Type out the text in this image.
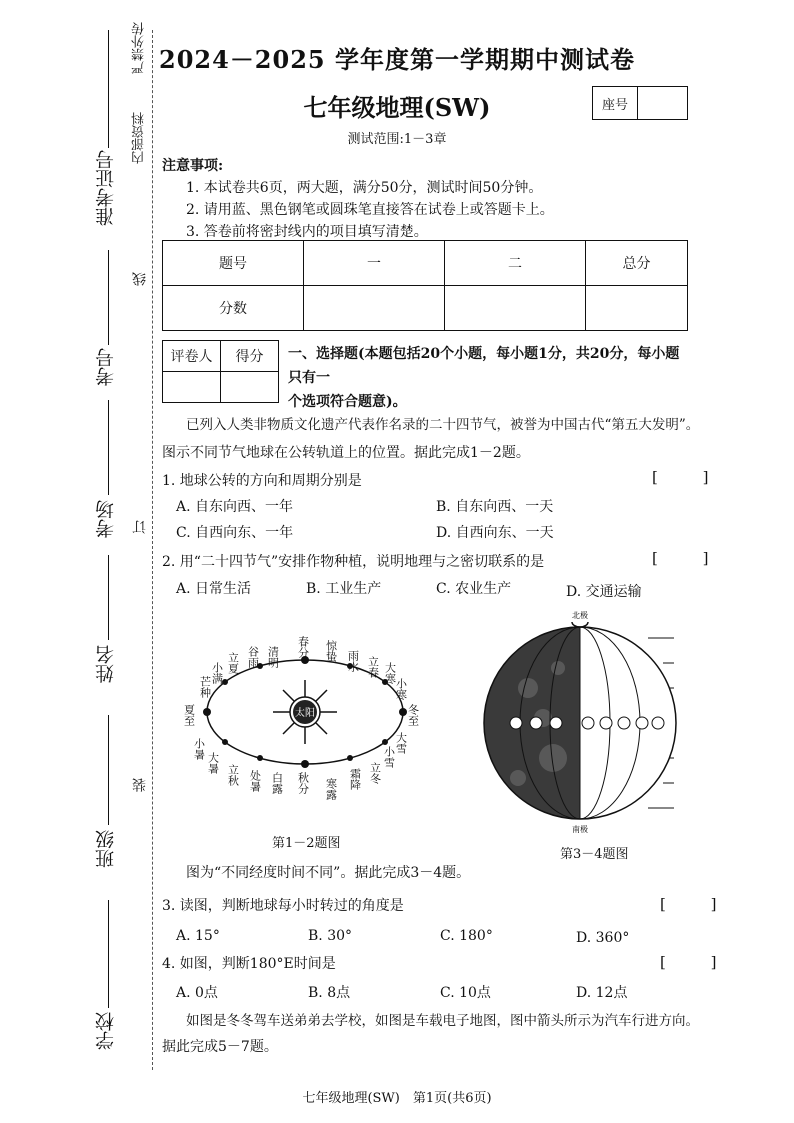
准考证号
内部资料
严禁外传
线
考号
考场 订
姓名
装
班级
学校
2024－2025 学年度第一学期期中测试卷
七年级地理(SW)
测试范围:1－3章
座号
注意事项:
1. 本试卷共6页，两大题，满分50分，测试时间50分钟。
2. 请用蓝、黑色钢笔或圆珠笔直接答在试卷上或答题卡上。
3. 答卷前将密封线内的项目填写清楚。
题号	一	二	总分
分数			
评卷人	得分
	一、选择题(本题包括20个小题，每小题1分，共20分，每小题只有一
个选项符合题意)。
已列入人类非物质文化遗产代表作名录的二十四节气，被誉为中国古代“第五大发明”。
图示不同节气地球在公转轨道上的位置。据此完成1－2题。
1. 地球公转的方向和周期分别是	[ ]
A. 自东向西、一年	B. 自东向西、一天
C. 自西向东、一年	D. 自西向东、一天
2. 用“二十四节气”安排作物种植，说明地理与之密切联系的是	[ ]
A. 日常生活	B. 工业生产	C. 农业生产	D. 交通运输
太阳
清明 春分 惊蛰 雨水 立春 大寒
小寒
冬至
大雪
小雪
立冬
霜降
寒露
秋分
白露
处暑
立秋
大暑
小暑
夏至
芒种
小满 立夏 谷雨
第1－2题图
北极
南极
第3－4题图
图为“不同经度时间不同”。据此完成3－4题。
3. 读图，判断地球每小时转过的角度是	[ ]
A. 15°	B. 30°	C. 180°	D. 360°
4. 如图，判断180°E时间是	[ ]
A. 0点	B. 8点	C. 10点	D. 12点
如图是冬冬驾车送弟弟去学校，如图是车载电子地图，图中箭头所示为汽车行进方向。
据此完成5－7题。
七年级地理(SW)　第1页(共6页)
